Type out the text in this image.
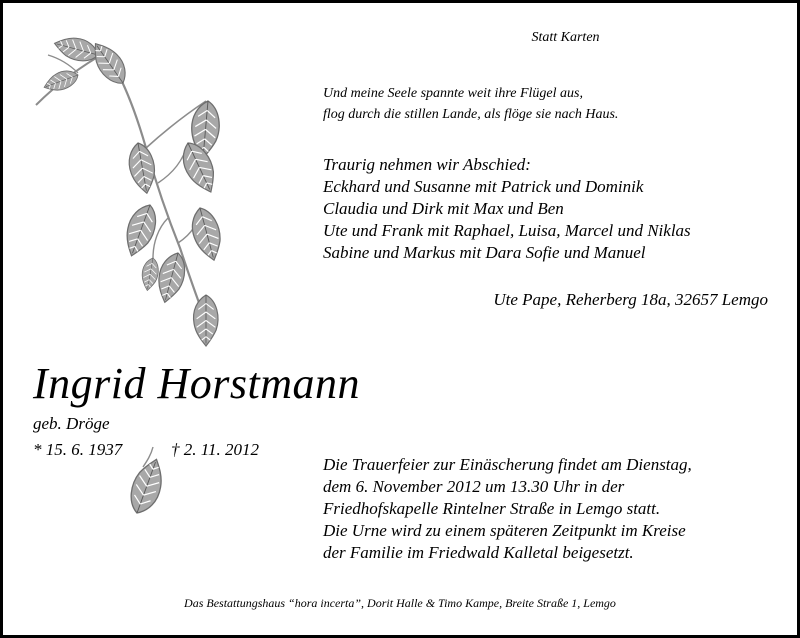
Statt Karten
Und meine Seele spannte weit ihre Flügel aus,
flog durch die stillen Lande, als flöge sie nach Haus.
Traurig nehmen wir Abschied:
Eckhard und Susanne mit Patrick und Dominik
Claudia und Dirk mit Max und Ben
Ute und Frank mit Raphael, Luisa, Marcel und Niklas
Sabine und Markus mit Dara Sofie und Manuel
Ute Pape, Reherberg 18a, 32657 Lemgo
Ingrid Horstmann
geb. Dröge
* 15. 6. 1937	† 2. 11. 2012
Die Trauerfeier zur Einäscherung findet am Dienstag,
dem 6. November 2012 um 13.30 Uhr in der
Friedhofskapelle Rintelner Straße in Lemgo statt.
Die Urne wird zu einem späteren Zeitpunkt im Kreise
der Familie im Friedwald Kalletal beigesetzt.
Das Bestattungshaus “hora incerta”, Dorit Halle & Timo Kampe, Breite Straße 1, Lemgo
